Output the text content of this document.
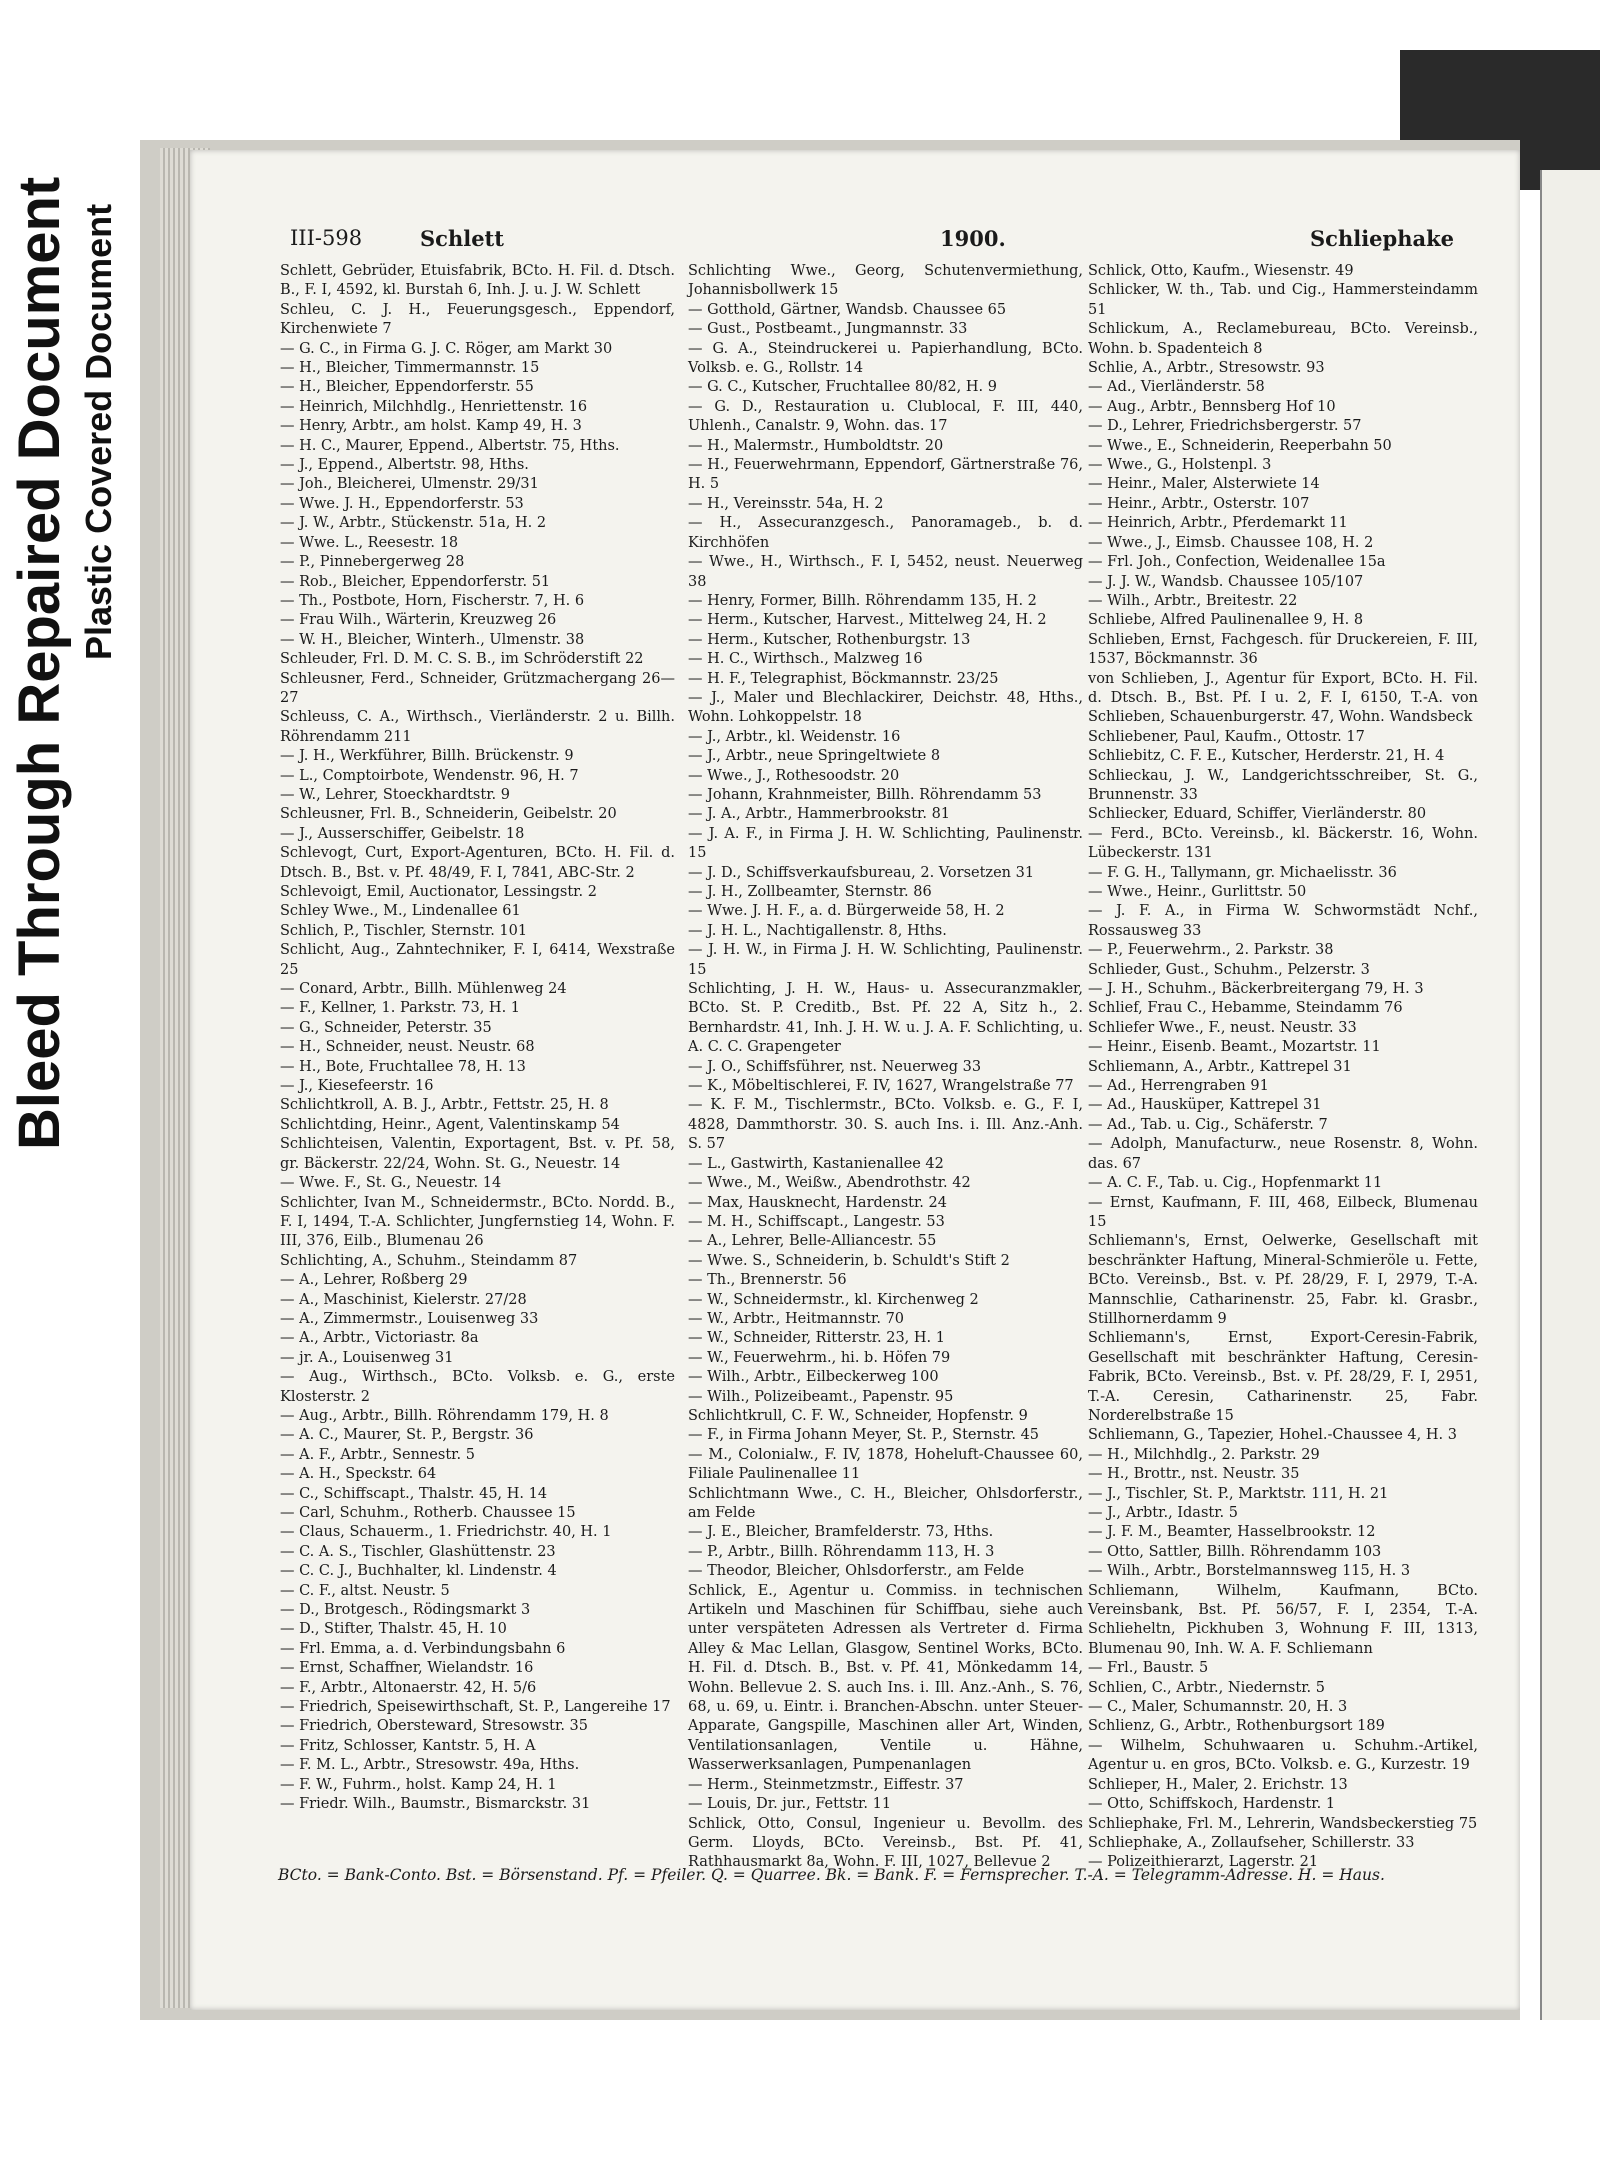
Bleed Through Repaired Document Plastic Covered Document	III-598	Schlett	1900.	Schliephake
Schlett, Gebrüder, Etuisfabrik, BCto. H. Fil. d. Dtsch. B., F. I, 4592, kl. Burstah 6, Inh. J. u. J. W. Schlett
Schleu, C. J. H., Feuerungsgesch., Eppendorf, Kirchenwiete 7
— G. C., in Firma G. J. C. Röger, am Markt 30
— H., Bleicher, Timmermannstr. 15
— H., Bleicher, Eppendorferstr. 55
— Heinrich, Milchhdlg., Henriettenstr. 16
— Henry, Arbtr., am holst. Kamp 49, H. 3
— H. C., Maurer, Eppend., Albertstr. 75, Hths.
— J., Eppend., Albertstr. 98, Hths.
— Joh., Bleicherei, Ulmenstr. 29/31
— Wwe. J. H., Eppendorferstr. 53
— J. W., Arbtr., Stückenstr. 51a, H. 2
— Wwe. L., Reesestr. 18
— P., Pinnebergerweg 28
— Rob., Bleicher, Eppendorferstr. 51
— Th., Postbote, Horn, Fischerstr. 7, H. 6
— Frau Wilh., Wärterin, Kreuzweg 26
— W. H., Bleicher, Winterh., Ulmenstr. 38
Schleuder, Frl. D. M. C. S. B., im Schröderstift 22
Schleusner, Ferd., Schneider, Grützmachergang 26—27
Schleuss, C. A., Wirthsch., Vierländerstr. 2 u. Billh. Röhrendamm 211
— J. H., Werkführer, Billh. Brückenstr. 9
— L., Comptoirbote, Wendenstr. 96, H. 7
— W., Lehrer, Stoeckhardtstr. 9
Schleusner, Frl. B., Schneiderin, Geibelstr. 20
— J., Ausserschiffer, Geibelstr. 18
Schlevogt, Curt, Export-Agenturen, BCto. H. Fil. d. Dtsch. B., Bst. v. Pf. 48/49, F. I, 7841, ABC-Str. 2
Schlevoigt, Emil, Auctionator, Lessingstr. 2
Schley Wwe., M., Lindenallee 61
Schlich, P., Tischler, Sternstr. 101
Schlicht, Aug., Zahntechniker, F. I, 6414, Wexstraße 25
— Conard, Arbtr., Billh. Mühlenweg 24
— F., Kellner, 1. Parkstr. 73, H. 1
— G., Schneider, Peterstr. 35
— H., Schneider, neust. Neustr. 68
— H., Bote, Fruchtallee 78, H. 13
— J., Kiesefeerstr. 16
Schlichtkroll, A. B. J., Arbtr., Fettstr. 25, H. 8
Schlichtding, Heinr., Agent, Valentinskamp 54
Schlichteisen, Valentin, Exportagent, Bst. v. Pf. 58, gr. Bäckerstr. 22/24, Wohn. St. G., Neuestr. 14
— Wwe. F., St. G., Neuestr. 14
Schlichter, Ivan M., Schneidermstr., BCto. Nordd. B., F. I, 1494, T.-A. Schlichter, Jungfernstieg 14, Wohn. F. III, 376, Eilb., Blumenau 26
Schlichting, A., Schuhm., Steindamm 87
— A., Lehrer, Roßberg 29
— A., Maschinist, Kielerstr. 27/28
— A., Zimmermstr., Louisenweg 33
— A., Arbtr., Victoriastr. 8a
— jr. A., Louisenweg 31
— Aug., Wirthsch., BCto. Volksb. e. G., erste Klosterstr. 2
— Aug., Arbtr., Billh. Röhrendamm 179, H. 8
— A. C., Maurer, St. P., Bergstr. 36
— A. F., Arbtr., Sennestr. 5
— A. H., Speckstr. 64
— C., Schiffscapt., Thalstr. 45, H. 14
— Carl, Schuhm., Rotherb. Chaussee 15
— Claus, Schauerm., 1. Friedrichstr. 40, H. 1
— C. A. S., Tischler, Glashüttenstr. 23
— C. C. J., Buchhalter, kl. Lindenstr. 4
— C. F., altst. Neustr. 5
— D., Brotgesch., Rödingsmarkt 3
— D., Stifter, Thalstr. 45, H. 10
— Frl. Emma, a. d. Verbindungsbahn 6
— Ernst, Schaffner, Wielandstr. 16
— F., Arbtr., Altonaerstr. 42, H. 5/6
— Friedrich, Speisewirthschaft, St. P., Langereihe 17
— Friedrich, Obersteward, Stresowstr. 35
— Fritz, Schlosser, Kantstr. 5, H. A
— F. M. L., Arbtr., Stresowstr. 49a, Hths.
— F. W., Fuhrm., holst. Kamp 24, H. 1
— Friedr. Wilh., Baumstr., Bismarckstr. 31
Schlichting Wwe., Georg, Schutenvermiethung, Johannisbollwerk 15
— Gotthold, Gärtner, Wandsb. Chaussee 65
— Gust., Postbeamt., Jungmannstr. 33
— G. A., Steindruckerei u. Papierhandlung, BCto. Volksb. e. G., Rollstr. 14
— G. C., Kutscher, Fruchtallee 80/82, H. 9
— G. D., Restauration u. Clublocal, F. III, 440, Uhlenh., Canalstr. 9, Wohn. das. 17
— H., Malermstr., Humboldtstr. 20
— H., Feuerwehrmann, Eppendorf, Gärtnerstraße 76, H. 5
— H., Vereinsstr. 54a, H. 2
— H., Assecuranzgesch., Panoramageb., b. d. Kirchhöfen
— Wwe., H., Wirthsch., F. I, 5452, neust. Neuerweg 38
— Henry, Former, Billh. Röhrendamm 135, H. 2
— Herm., Kutscher, Harvest., Mittelweg 24, H. 2
— Herm., Kutscher, Rothenburgstr. 13
— H. C., Wirthsch., Malzweg 16
— H. F., Telegraphist, Böckmannstr. 23/25
— J., Maler und Blechlackirer, Deichstr. 48, Hths., Wohn. Lohkoppelstr. 18
— J., Arbtr., kl. Weidenstr. 16
— J., Arbtr., neue Springeltwiete 8
— Wwe., J., Rothesoodstr. 20
— Johann, Krahnmeister, Billh. Röhrendamm 53
— J. A., Arbtr., Hammerbrookstr. 81
— J. A. F., in Firma J. H. W. Schlichting, Paulinenstr. 15
— J. D., Schiffsverkaufsbureau, 2. Vorsetzen 31
— J. H., Zollbeamter, Sternstr. 86
— Wwe. J. H. F., a. d. Bürgerweide 58, H. 2
— J. H. L., Nachtigallenstr. 8, Hths.
— J. H. W., in Firma J. H. W. Schlichting, Paulinenstr. 15
Schlichting, J. H. W., Haus- u. Assecuranzmakler, BCto. St. P. Creditb., Bst. Pf. 22 A, Sitz h., 2. Bernhardstr. 41, Inh. J. H. W. u. J. A. F. Schlichting, u. A. C. C. Grapengeter
— J. O., Schiffsführer, nst. Neuerweg 33
— K., Möbeltischlerei, F. IV, 1627, Wrangelstraße 77
— K. F. M., Tischlermstr., BCto. Volksb. e. G., F. I, 4828, Dammthorstr. 30. S. auch Ins. i. Ill. Anz.-Anh. S. 57
— L., Gastwirth, Kastanienallee 42
— Wwe., M., Weißw., Abendrothstr. 42
— Max, Hausknecht, Hardenstr. 24
— M. H., Schiffscapt., Langestr. 53
— A., Lehrer, Belle-Alliancestr. 55
— Wwe. S., Schneiderin, b. Schuldt's Stift 2
— Th., Brennerstr. 56
— W., Schneidermstr., kl. Kirchenweg 2
— W., Arbtr., Heitmannstr. 70
— W., Schneider, Ritterstr. 23, H. 1
— W., Feuerwehrm., hi. b. Höfen 79
— Wilh., Arbtr., Eilbeckerweg 100
— Wilh., Polizeibeamt., Papenstr. 95
Schlichtkrull, C. F. W., Schneider, Hopfenstr. 9
— F., in Firma Johann Meyer, St. P., Sternstr. 45
— M., Colonialw., F. IV, 1878, Hoheluft-Chaussee 60, Filiale Paulinenallee 11
Schlichtmann Wwe., C. H., Bleicher, Ohlsdorferstr., am Felde
— J. E., Bleicher, Bramfelderstr. 73, Hths.
— P., Arbtr., Billh. Röhrendamm 113, H. 3
— Theodor, Bleicher, Ohlsdorferstr., am Felde
Schlick, E., Agentur u. Commiss. in technischen Artikeln und Maschinen für Schiffbau, siehe auch unter verspäteten Adressen als Vertreter d. Firma Alley & Mac Lellan, Glasgow, Sentinel Works, BCto. H. Fil. d. Dtsch. B., Bst. v. Pf. 41, Mönkedamm 14, Wohn. Bellevue 2. S. auch Ins. i. Ill. Anz.-Anh., S. 76, 68, u. 69, u. Eintr. i. Branchen-Abschn. unter Steuer-Apparate, Gangspille, Maschinen aller Art, Winden, Ventilationsanlagen, Ventile u. Hähne, Wasserwerksanlagen, Pumpenanlagen
— Herm., Steinmetzmstr., Eiffestr. 37
— Louis, Dr. jur., Fettstr. 11
Schlick, Otto, Consul, Ingenieur u. Bevollm. des Germ. Lloyds, BCto. Vereinsb., Bst. Pf. 41, Rathhausmarkt 8a, Wohn. F. III, 1027, Bellevue 2
Schlick, Otto, Kaufm., Wiesenstr. 49
Schlicker, W. th., Tab. und Cig., Hammersteindamm 51
Schlickum, A., Reclamebureau, BCto. Vereinsb., Wohn. b. Spadenteich 8
Schlie, A., Arbtr., Stresowstr. 93
— Ad., Vierländerstr. 58
— Aug., Arbtr., Bennsberg Hof 10
— D., Lehrer, Friedrichsbergerstr. 57
— Wwe., E., Schneiderin, Reeperbahn 50
— Wwe., G., Holstenpl. 3
— Heinr., Maler, Alsterwiete 14
— Heinr., Arbtr., Osterstr. 107
— Heinrich, Arbtr., Pferdemarkt 11
— Wwe., J., Eimsb. Chaussee 108, H. 2
— Frl. Joh., Confection, Weidenallee 15a
— J. J. W., Wandsb. Chaussee 105/107
— Wilh., Arbtr., Breitestr. 22
Schliebe, Alfred Paulinenallee 9, H. 8
Schlieben, Ernst, Fachgesch. für Druckereien, F. III, 1537, Böckmannstr. 36
von Schlieben, J., Agentur für Export, BCto. H. Fil. d. Dtsch. B., Bst. Pf. I u. 2, F. I, 6150, T.-A. von Schlieben, Schauenburgerstr. 47, Wohn. Wandsbeck
Schliebener, Paul, Kaufm., Ottostr. 17
Schliebitz, C. F. E., Kutscher, Herderstr. 21, H. 4
Schlieckau, J. W., Landgerichtsschreiber, St. G., Brunnenstr. 33
Schliecker, Eduard, Schiffer, Vierländerstr. 80
— Ferd., BCto. Vereinsb., kl. Bäckerstr. 16, Wohn. Lübeckerstr. 131
— F. G. H., Tallymann, gr. Michaelisstr. 36
— Wwe., Heinr., Gurlittstr. 50
— J. F. A., in Firma W. Schwormstädt Nchf., Rossausweg 33
— P., Feuerwehrm., 2. Parkstr. 38
Schlieder, Gust., Schuhm., Pelzerstr. 3
— J. H., Schuhm., Bäckerbreitergang 79, H. 3
Schlief, Frau C., Hebamme, Steindamm 76
Schliefer Wwe., F., neust. Neustr. 33
— Heinr., Eisenb. Beamt., Mozartstr. 11
Schliemann, A., Arbtr., Kattrepel 31
— Ad., Herrengraben 91
— Ad., Hausküper, Kattrepel 31
— Ad., Tab. u. Cig., Schäferstr. 7
— Adolph, Manufacturw., neue Rosenstr. 8, Wohn. das. 67
— A. C. F., Tab. u. Cig., Hopfenmarkt 11
— Ernst, Kaufmann, F. III, 468, Eilbeck, Blumenau 15
Schliemann's, Ernst, Oelwerke, Gesellschaft mit beschränkter Haftung, Mineral-Schmieröle u. Fette, BCto. Vereinsb., Bst. v. Pf. 28/29, F. I, 2979, T.-A. Mannschlie, Catharinenstr. 25, Fabr. kl. Grasbr., Stillhornerdamm 9
Schliemann's, Ernst, Export-Ceresin-Fabrik, Gesellschaft mit beschränkter Haftung, Ceresin-Fabrik, BCto. Vereinsb., Bst. v. Pf. 28/29, F. I, 2951, T.-A. Ceresin, Catharinenstr. 25, Fabr. Norderelbstraße 15
Schliemann, G., Tapezier, Hohel.-Chaussee 4, H. 3
— H., Milchhdlg., 2. Parkstr. 29
— H., Brottr., nst. Neustr. 35
— J., Tischler, St. P., Marktstr. 111, H. 21
— J., Arbtr., Idastr. 5
— J. F. M., Beamter, Hasselbrookstr. 12
— Otto, Sattler, Billh. Röhrendamm 103
— Wilh., Arbtr., Borstelmannsweg 115, H. 3
Schliemann, Wilhelm, Kaufmann, BCto. Vereinsbank, Bst. Pf. 56/57, F. I, 2354, T.-A. Schlieheltn, Pickhuben 3, Wohnung F. III, 1313, Blumenau 90, Inh. W. A. F. Schliemann
— Frl., Baustr. 5
Schlien, C., Arbtr., Niedernstr. 5
— C., Maler, Schumannstr. 20, H. 3
Schlienz, G., Arbtr., Rothenburgsort 189
— Wilhelm, Schuhwaaren u. Schuhm.-Artikel, Agentur u. en gros, BCto. Volksb. e. G., Kurzestr. 19
Schlieper, H., Maler, 2. Erichstr. 13
— Otto, Schiffskoch, Hardenstr. 1
Schliephake, Frl. M., Lehrerin, Wandsbeckerstieg 75
Schliephake, A., Zollaufseher, Schillerstr. 33
— Polizeithierarzt, Lagerstr. 21
BCto. = Bank-Conto. Bst. = Börsenstand. Pf. = Pfeiler. Q. = Quarree. Bk. = Bank. F. = Fernsprecher. T.-A. = Telegramm-Adresse. H. = Haus.
